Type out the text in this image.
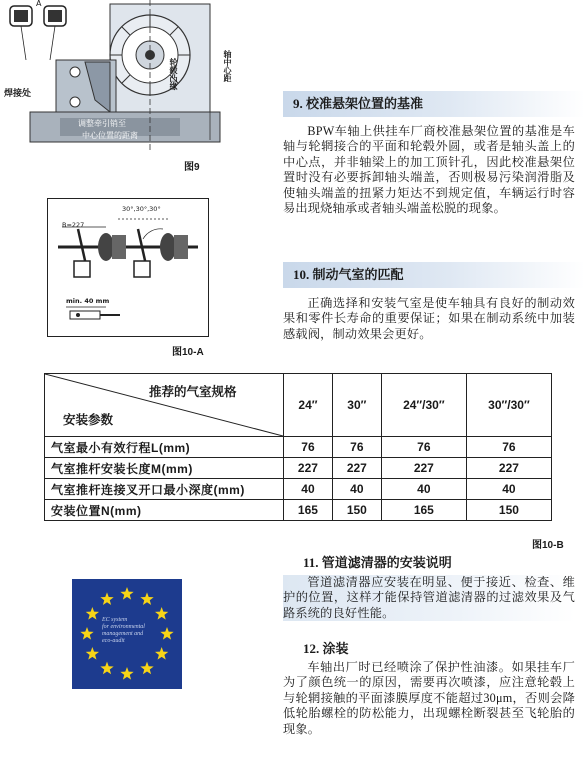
A
焊接处
轮毂凸缘	轴中心距
调整牵引销至
中心位置的距离
图9
B=227
30°,30°,30°
min. 40 mm
图10-A
9. 校准悬架位置的基准
BPW车轴上供挂车厂商校准悬架位置的基准是车轴与轮辋接合的平面和轮毂外圆，或者是轴头盖上的中心点，并非轴梁上的加工顶针孔，因此校准悬架位置时没有必要拆卸轴头端盖，否则极易污染润滑脂及使轴头端盖的扭紧力矩达不到规定值，车辆运行时容易出现烧轴承或者轴头端盖松脱的现象。
10. 制动气室的匹配
正确选择和安装气室是使车轴具有良好的制动效果和零件长寿命的重要保证；如果在制动系统中加装感载阀，制动效果会更好。
推荐的气室规格
安装参数	24″	30″	24″/30″	30″/30″
气室最小有效行程L(mm)	76	76	76	76
气室推杆安装长度M(mm)	227	227	227	227
气室推杆连接叉开口最小深度(mm)	40	40	40	40
安装位置N(mm)	165	150	165	150
图10-B
11. 管道滤清器的安装说明
管道滤清器应安装在明显、便于接近、检查、维护的位置，这样才能保持管道滤清器的过滤效果及气路系统的良好性能。
12. 涂装
车轴出厂时已经喷涂了保护性油漆。如果挂车厂为了颜色统一的原因，需要再次喷漆，应注意轮毂上与轮辋接触的平面漆膜厚度不能超过30μm，否则会降低轮胎螺栓的防松能力，出现螺栓断裂甚至飞轮胎的现象。
EC system
for environmental
management and
eco-audit
